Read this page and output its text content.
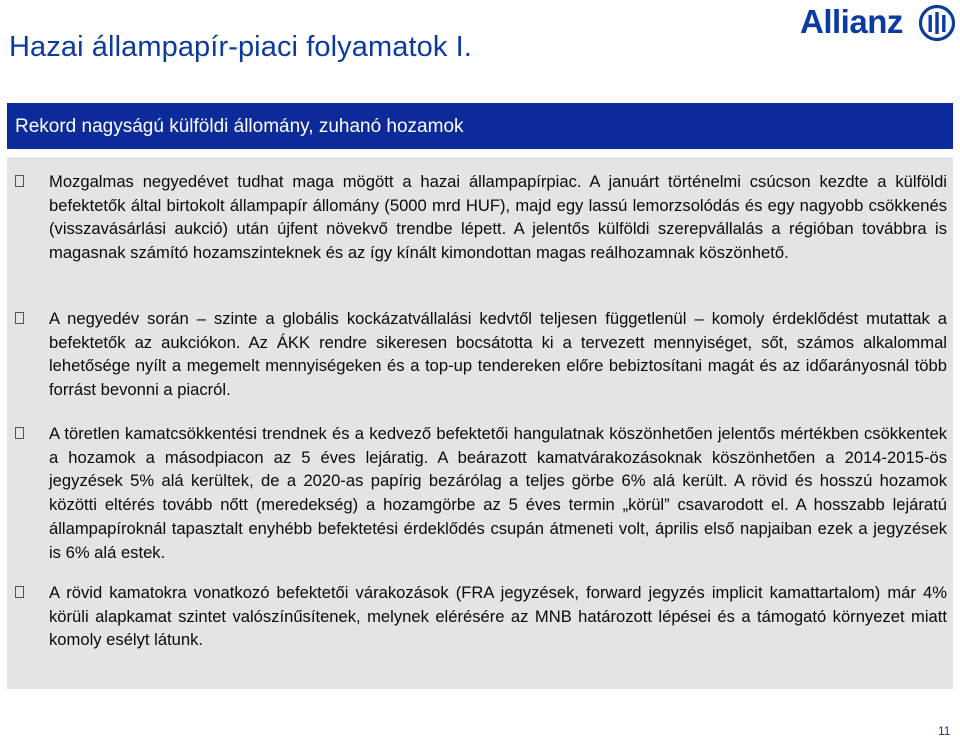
Hazai állampapír-piaci folyamatok I.
Allianz
Rekord nagyságú külföldi állomány, zuhanó hozamok

Mozgalmas negyedévet tudhat maga mögött a hazai állampapírpiac. A januárt történelmi csúcson kezdte a külföldi befektetők által birtokolt állampapír állomány (5000 mrd HUF), majd egy lassú lemorzsolódás és egy nagyobb csökkenés (visszavásárlási aukció) után újfent növekvő trendbe lépett. A jelentős külföldi szerepvállalás a régióban továbbra is magasnak számító hozamszinteknek és az így kínált kimondottan magas reálhozamnak köszönhető.

A negyedév során – szinte a globális kockázatvállalási kedvtől teljesen függetlenül – komoly érdeklődést mutattak a befektetők az aukciókon. Az ÁKK rendre sikeresen bocsátotta ki a tervezett mennyiséget, sőt, számos alkalommal lehetősége nyílt a megemelt mennyiségeken és a top-up tendereken előre bebiztosítani magát és az időarányosnál több forrást bevonni a piacról.

A töretlen kamatcsökkentési trendnek és a kedvező befektetői hangulatnak köszönhetően jelentős mértékben csökkentek a hozamok a másodpiacon az 5 éves lejáratig. A beárazott kamatvárakozásoknak köszönhetően a 2014-2015-ös jegyzések 5% alá kerültek, de a 2020-as papírig bezárólag a teljes görbe 6% alá került. A rövid és hosszú hozamok közötti eltérés tovább nőtt (meredekség) a hozamgörbe az 5 éves termin „körül” csavarodott el. A hosszabb lejáratú állampapíroknál tapasztalt enyhébb befektetési érdeklődés csupán átmeneti volt, április első napjaiban ezek a jegyzések is 6% alá estek.

A rövid kamatokra vonatkozó befektetői várakozások (FRA jegyzések, forward jegyzés implicit kamattartalom) már 4% körüli alapkamat szintet valószínűsítenek, melynek elérésére az MNB határozott lépései és a támogató környezet miatt komoly esélyt látunk.

11
